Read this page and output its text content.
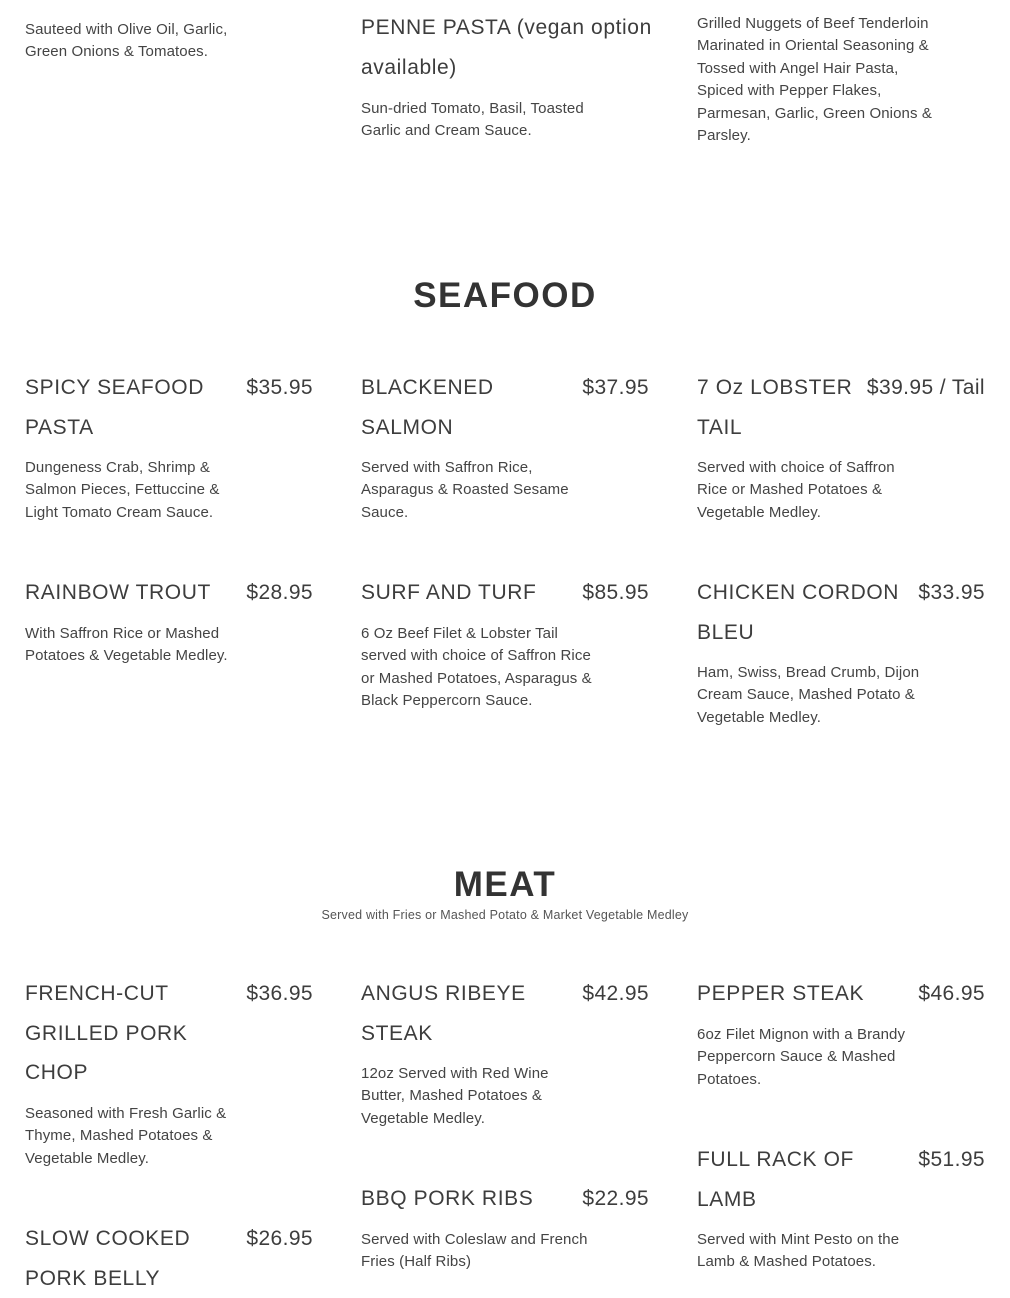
Sauteed with Olive Oil, Garlic, Green Onions & Tomatoes.
PENNE PASTA (vegan option available)
Sun-dried Tomato, Basil, Toasted Garlic and Cream Sauce.
Grilled Nuggets of Beef Tenderloin Marinated in Oriental Seasoning & Tossed with Angel Hair Pasta, Spiced with Pepper Flakes, Parmesan, Garlic, Green Onions & Parsley.
SEAFOOD
SPICY SEAFOOD PASTA
$35.95
Dungeness Crab, Shrimp & Salmon Pieces, Fettuccine & Light Tomato Cream Sauce.
BLACKENED SALMON
$37.95
Served with Saffron Rice, Asparagus & Roasted Sesame Sauce.
7 Oz LOBSTER TAIL
$39.95 / Tail
Served with choice of Saffron Rice or Mashed Potatoes & Vegetable Medley.
RAINBOW TROUT	$28.95
With Saffron Rice or Mashed Potatoes & Vegetable Medley.
SURF AND TURF	$85.95
6 Oz Beef Filet & Lobster Tail served with choice of Saffron Rice or Mashed Potatoes, Asparagus & Black Peppercorn Sauce.
CHICKEN CORDON BLEU
$33.95
Ham, Swiss, Bread Crumb, Dijon Cream Sauce, Mashed Potato & Vegetable Medley.
MEAT
Served with Fries or Mashed Potato & Market Vegetable Medley
FRENCH-CUT GRILLED PORK CHOP
$36.95
Seasoned with Fresh Garlic & Thyme, Mashed Potatoes & Vegetable Medley.
SLOW COOKED PORK BELLY
$26.95
ANGUS RIBEYE STEAK
$42.95
12oz Served with Red Wine Butter, Mashed Potatoes & Vegetable Medley.
BBQ PORK RIBS	$22.95
Served with Coleslaw and French Fries (Half Ribs)
PEPPER STEAK	$46.95
6oz Filet Mignon with a Brandy Peppercorn Sauce & Mashed Potatoes.
FULL RACK OF LAMB
$51.95
Served with Mint Pesto on the Lamb & Mashed Potatoes.
